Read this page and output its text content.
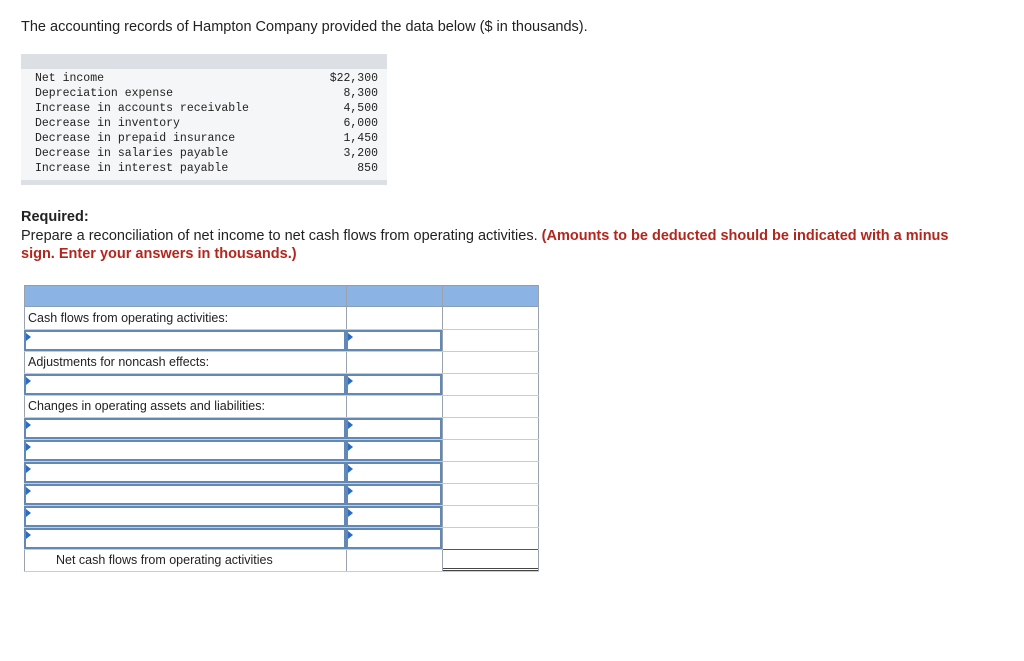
The accounting records of Hampton Company provided the data below ($ in thousands).
Net income	$22,300
Depreciation expense	8,300
Increase in accounts receivable	4,500
Decrease in inventory	6,000
Decrease in prepaid insurance	1,450
Decrease in salaries payable	3,200
Increase in interest payable	850
Required:
Prepare a reconciliation of net income to net cash flows from operating activities. (Amounts to be deducted should be indicated with a minus sign. Enter your answers in thousands.)
Cash flows from operating activities:
Adjustments for noncash effects:
Changes in operating assets and liabilities:
Net cash flows from operating activities
